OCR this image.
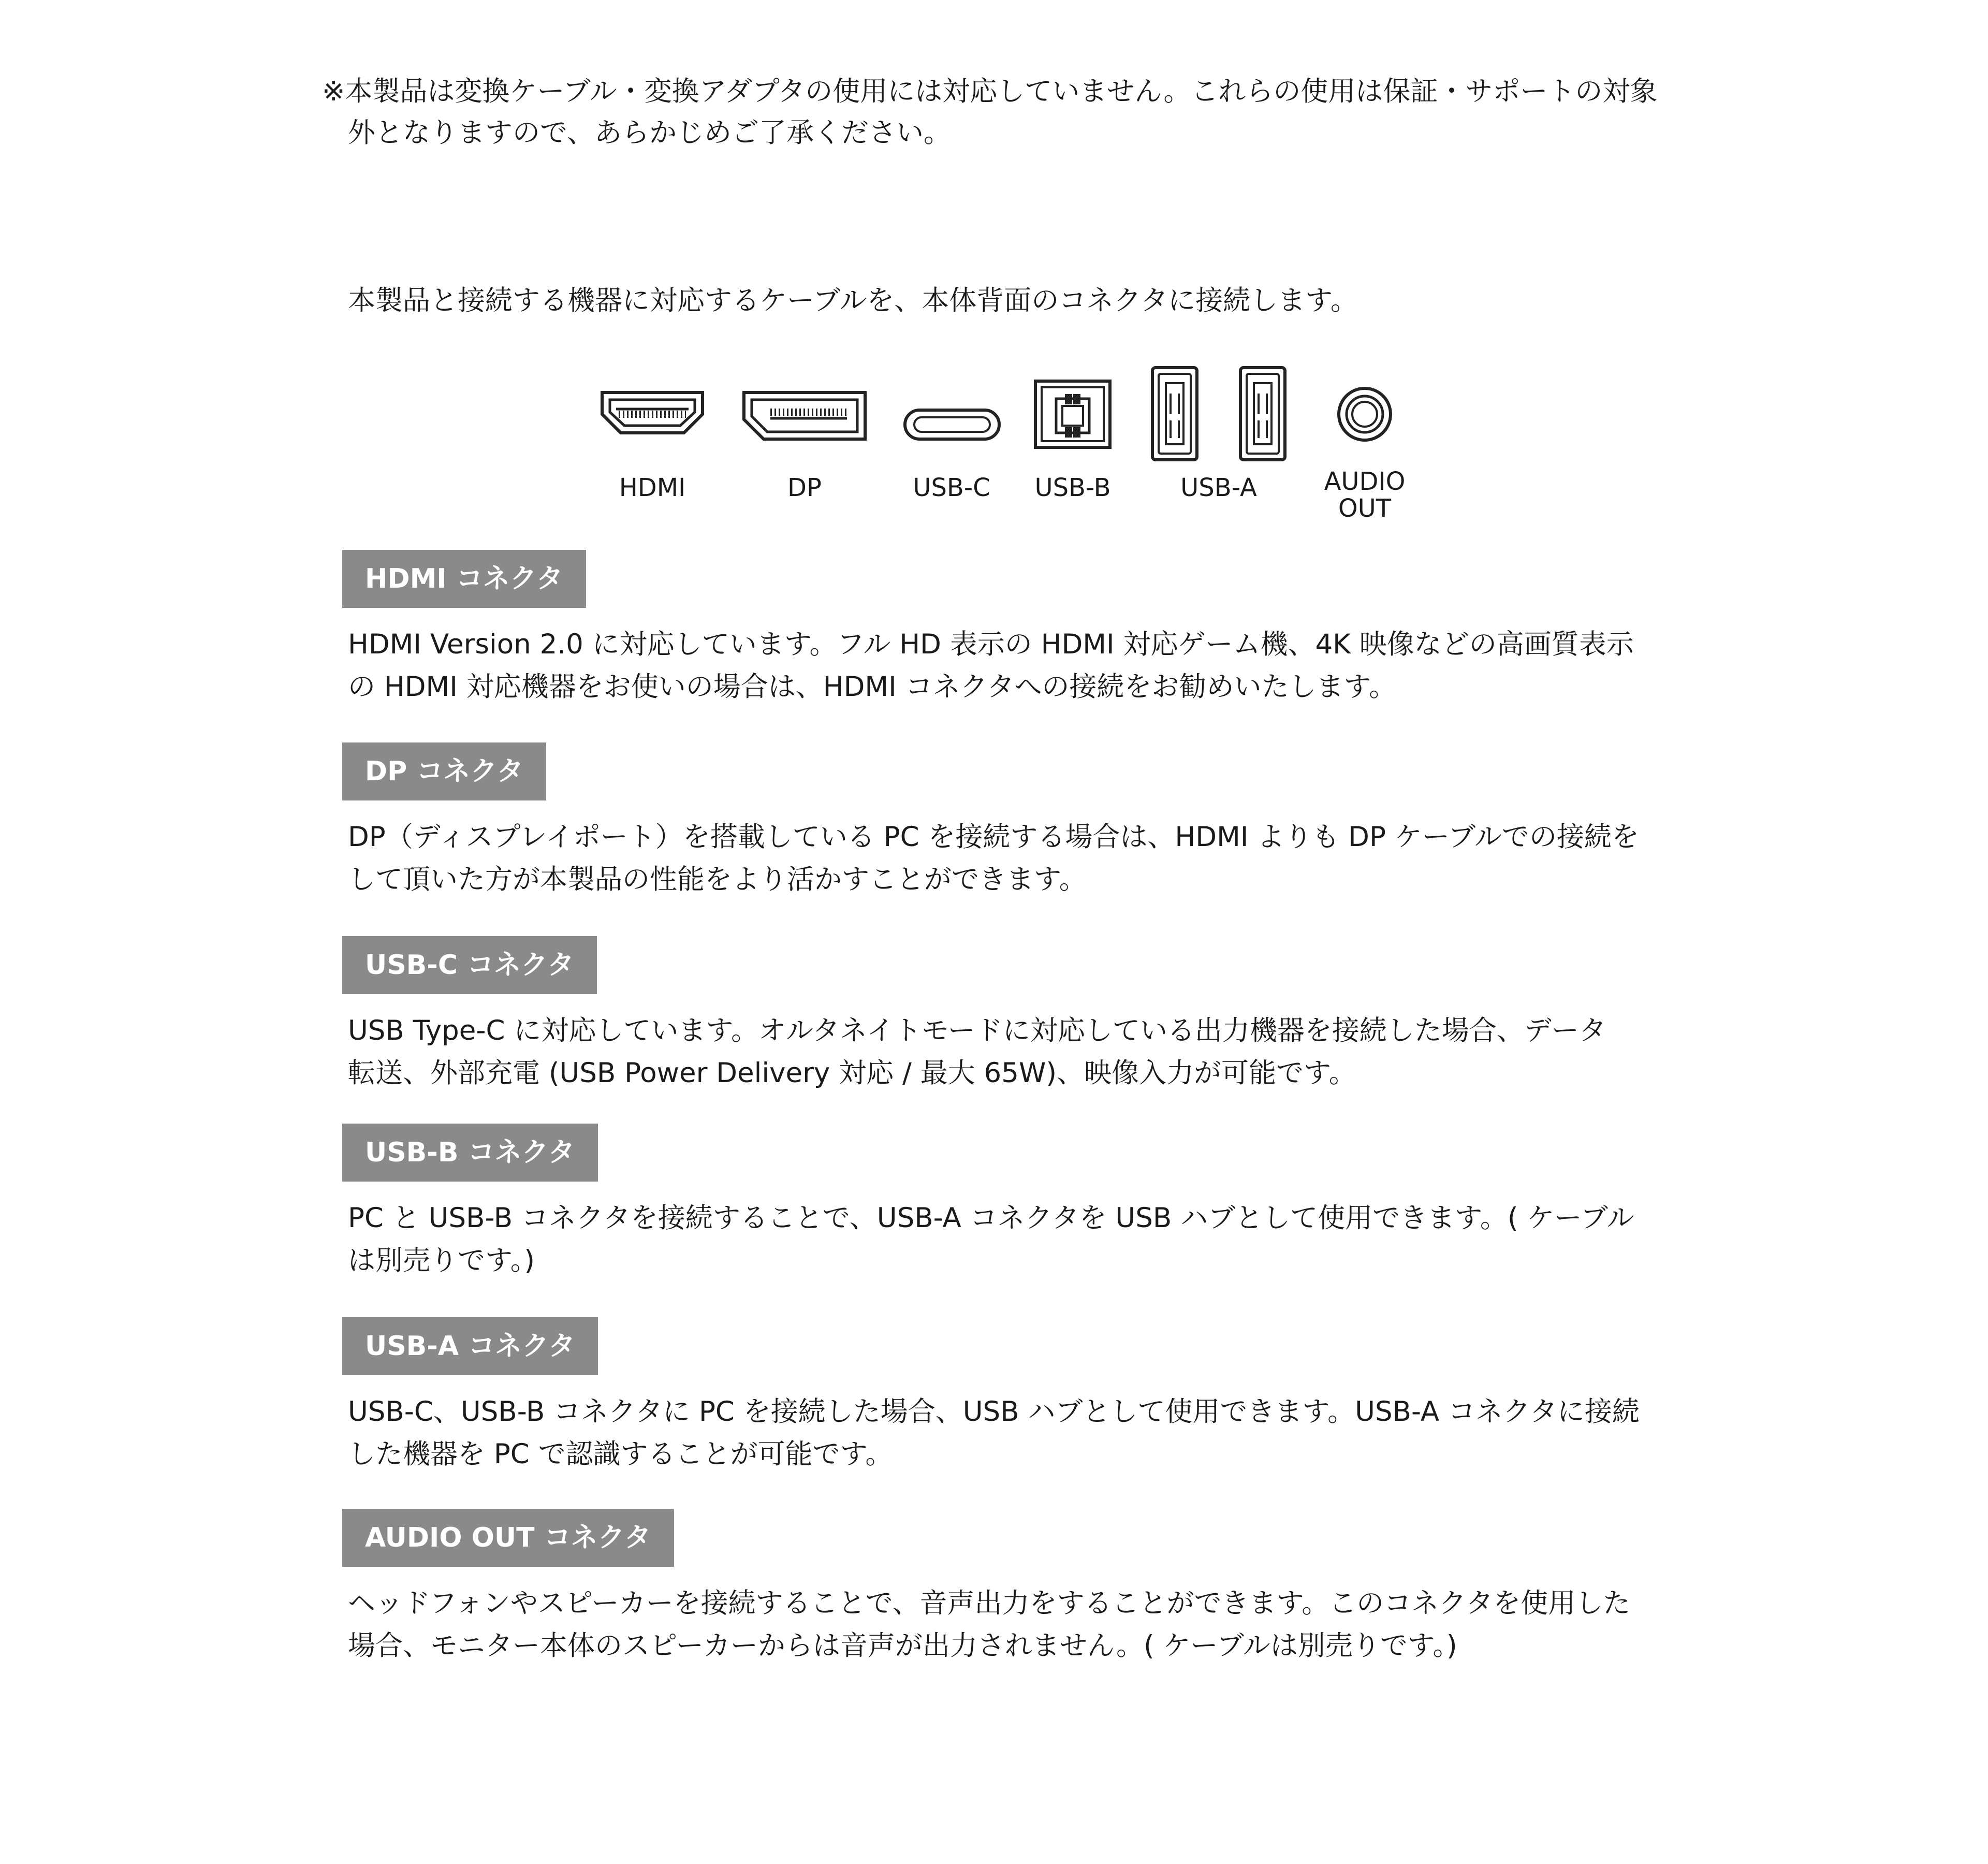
※本製品は変換ケーブル・変換アダプタの使用には対応していません。これらの使用は保証・サポートの対象
外となりますので、あらかじめご了承ください。
本製品と接続する機器に対応するケーブルを、本体背面のコネクタに接続します。
HDMI	DP	USB-C	USB-B	USB-A	AUDIO
OUT
HDMI コネクタ
HDMI Version 2.0 に対応しています。フル HD 表示の HDMI 対応ゲーム機、4K 映像などの高画質表示
の HDMI 対応機器をお使いの場合は、HDMI コネクタへの接続をお勧めいたします。
DP コネクタ
DP（ディスプレイポート）を搭載している PC を接続する場合は、HDMI よりも DP ケーブルでの接続を
して頂いた方が本製品の性能をより活かすことができます。
USB-C コネクタ
USB Type-C に対応しています。オルタネイトモードに対応している出力機器を接続した場合、データ
転送、外部充電 (USB Power Delivery 対応 / 最大 65W)、映像入力が可能です。
USB-B コネクタ
PC と USB-B コネクタを接続することで、USB-A コネクタを USB ハブとして使用できます。( ケーブル
は別売りです。)
USB-A コネクタ
USB-C、USB-B コネクタに PC を接続した場合、USB ハブとして使用できます。USB-A コネクタに接続
した機器を PC で認識することが可能です。
AUDIO OUT コネクタ
ヘッドフォンやスピーカーを接続することで、音声出力をすることができます。このコネクタを使用した
場合、モニター本体のスピーカーからは音声が出力されません。( ケーブルは別売りです。)
